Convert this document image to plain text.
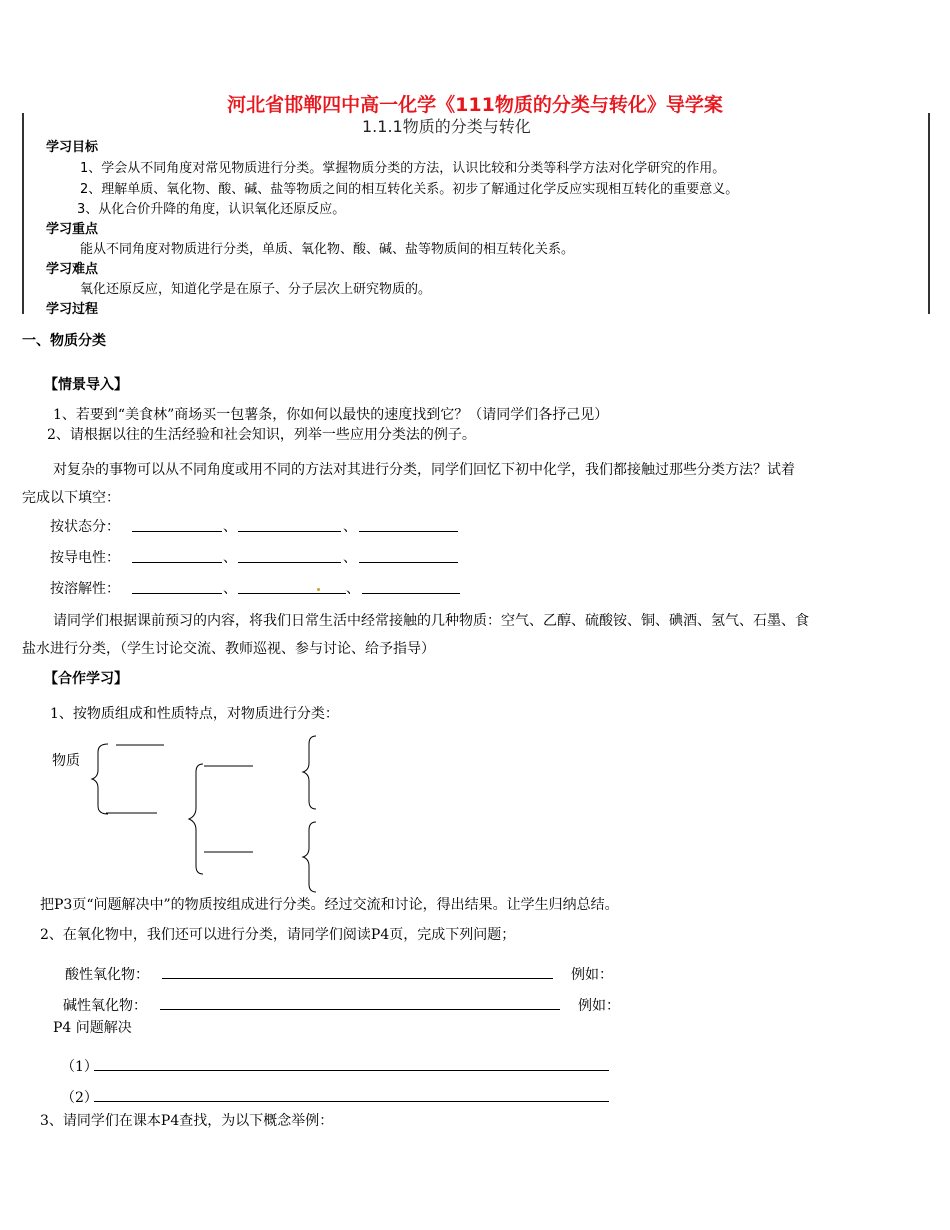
河北省邯郸四中高一化学《111物质的分类与转化》导学案
1.1.1物质的分类与转化
学习目标
1、学会从不同角度对常见物质进行分类。掌握物质分类的方法，认识比较和分类等科学方法对化学研究的作用。
2、理解单质、氧化物、酸、碱、盐等物质之间的相互转化关系。初步了解通过化学反应实现相互转化的重要意义。
3、从化合价升降的角度，认识氧化还原反应。
学习重点
能从不同角度对物质进行分类，单质、氧化物、酸、碱、盐等物质间的相互转化关系。
学习难点
氧化还原反应，知道化学是在原子、分子层次上研究物质的。
学习过程
一、物质分类
【情景导入】
1、若要到“美食林”商场买一包薯条，你如何以最快的速度找到它？（请同学们各抒己见）
2、请根据以往的生活经验和社会知识，列举一些应用分类法的例子。
对复杂的事物可以从不同角度或用不同的方法对其进行分类，同学们回忆下初中化学，我们都接触过那些分类方法？试着
完成以下填空：
按状态分：	、	、
按导电性：	、	、
按溶解性：	、	、
请同学们根据课前预习的内容，将我们日常生活中经常接触的几种物质：空气、乙醇、硫酸铵、铜、碘酒、氢气、石墨、食
盐水进行分类，（学生讨论交流、教师巡视、参与讨论、给予指导）
【合作学习】
1、按物质组成和性质特点，对物质进行分类：
物质
把P3页“问题解决中”的物质按组成进行分类。经过交流和讨论，得出结果。让学生归纳总结。
2、在氧化物中，我们还可以进行分类，请同学们阅读P4页，完成下列问题；
酸性氧化物：	例如：
碱性氧化物：	例如：
P4 问题解决
（1）
（2）
3、请同学们在课本P4查找，为以下概念举例：
